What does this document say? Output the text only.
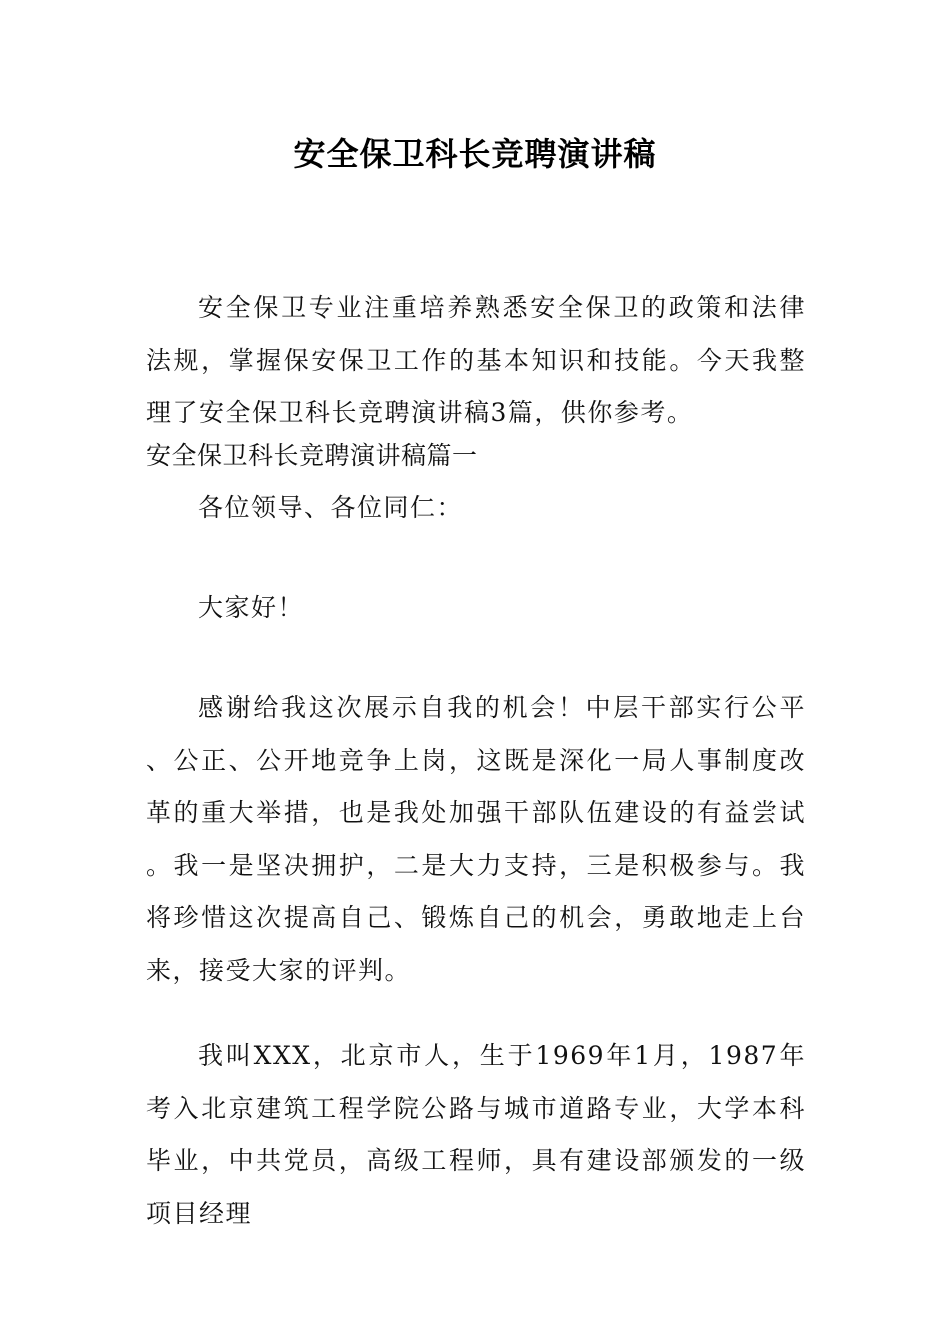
安全保卫科长竞聘演讲稿

安全保卫专业注重培养熟悉安全保卫的政策和法律法规，掌握保安保卫工作的基本知识和技能。今天我整理了安全保卫科长竞聘演讲稿3篇，供你参考。

安全保卫科长竞聘演讲稿篇一

各位领导、各位同仁：

大家好！

感谢给我这次展示自我的机会！中层干部实行公平、公正、公开地竞争上岗，这既是深化一局人事制度改革的重大举措，也是我处加强干部队伍建设的有益尝试。我一是坚决拥护，二是大力支持，三是积极参与。我将珍惜这次提高自己、锻炼自己的机会，勇敢地走上台来，接受大家的评判。

我叫XXX，北京市人，生于1969年1月，1987年考入北京建筑工程学院公路与城市道路专业，大学本科毕业，中共党员，高级工程师，具有建设部颁发的一级项目经理
